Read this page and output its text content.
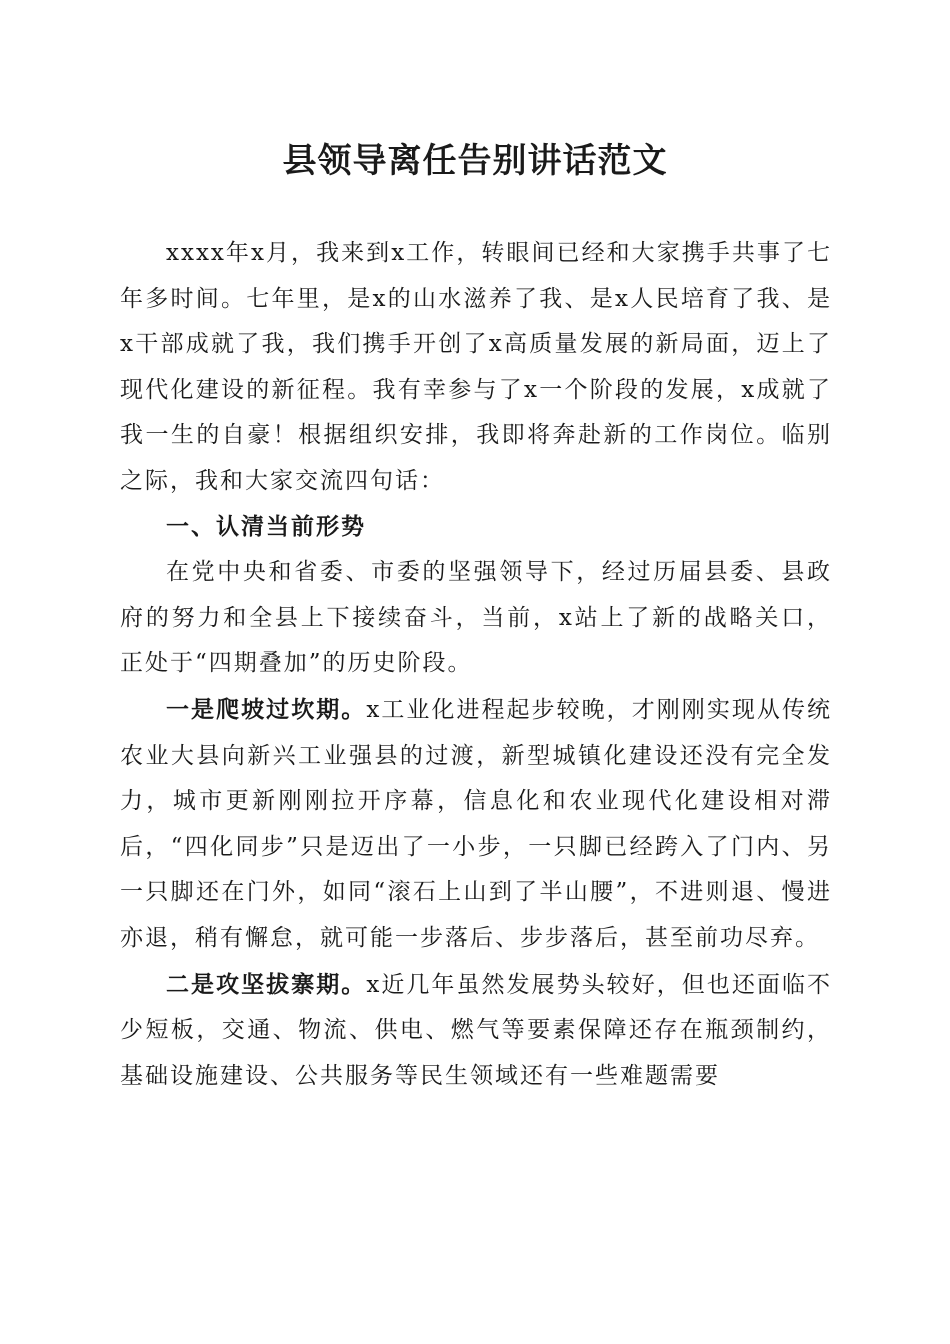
县领导离任告别讲话范文

xxxx年x月，我来到x工作，转眼间已经和大家携手共事了七年多时间。七年里，是x的山水滋养了我、是x人民培育了我、是x干部成就了我，我们携手开创了x高质量发展的新局面，迈上了现代化建设的新征程。我有幸参与了x一个阶段的发展，x成就了我一生的自豪！根据组织安排，我即将奔赴新的工作岗位。临别之际，我和大家交流四句话：

一、认清当前形势

在党中央和省委、市委的坚强领导下，经过历届县委、县政府的努力和全县上下接续奋斗，当前，x站上了新的战略关口，正处于“四期叠加”的历史阶段。

一是爬坡过坎期。x工业化进程起步较晚，才刚刚实现从传统农业大县向新兴工业强县的过渡，新型城镇化建设还没有完全发力，城市更新刚刚拉开序幕，信息化和农业现代化建设相对滞后，“四化同步”只是迈出了一小步，一只脚已经跨入了门内、另一只脚还在门外，如同“滚石上山到了半山腰”，不进则退、慢进亦退，稍有懈怠，就可能一步落后、步步落后，甚至前功尽弃。

二是攻坚拔寨期。x近几年虽然发展势头较好，但也还面临不少短板，交通、物流、供电、燃气等要素保障还存在瓶颈制约，基础设施建设、公共服务等民生领域还有一些难题需要
